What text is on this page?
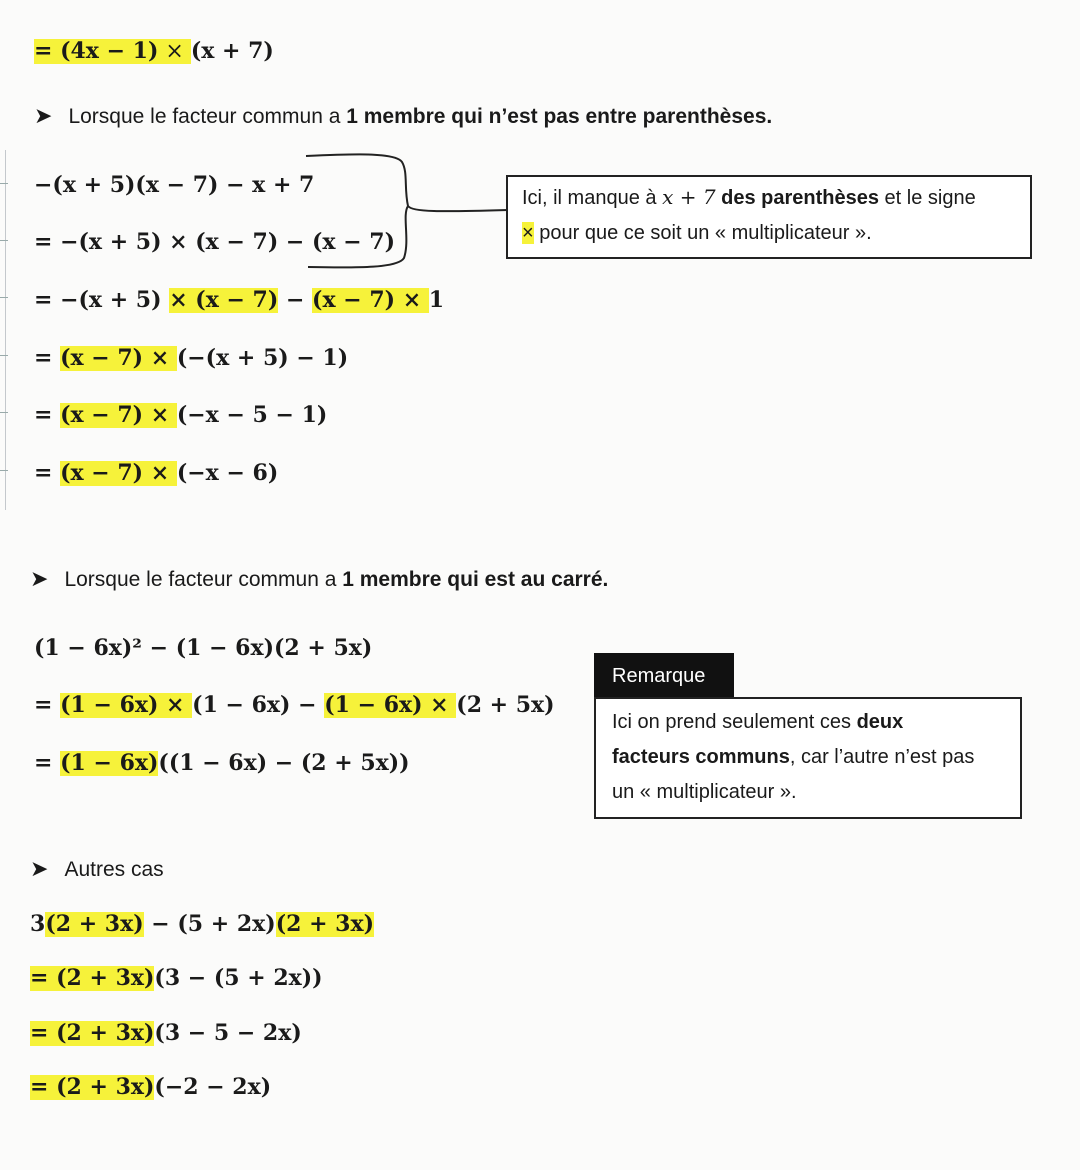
= (4x − 1) × (x + 7)
➤ Lorsque le facteur commun a 1 membre qui n’est pas entre parenthèses.
−(x + 5)(x − 7) − x + 7
= −(x + 5) × (x − 7) − (x − 7)
= −(x + 5) × (x − 7) − (x − 7) × 1
= (x − 7) × (−(x + 5) − 1)
= (x − 7) × (−x − 5 − 1)
= (x − 7) × (−x − 6)
Ici, il manque à x + 7 des parenthèses et le signe
× pour que ce soit un « multiplicateur ».
➤ Lorsque le facteur commun a 1 membre qui est au carré.
(1 − 6x)² − (1 − 6x)(2 + 5x)
= (1 − 6x) × (1 − 6x) − (1 − 6x) × (2 + 5x)
= (1 − 6x)((1 − 6x) − (2 + 5x))
Remarque
Ici on prend seulement ces deux
facteurs communs, car l’autre n’est pas
un « multiplicateur ».
➤ Autres cas
3(2 + 3x) − (5 + 2x)(2 + 3x)
= (2 + 3x)(3 − (5 + 2x))
= (2 + 3x)(3 − 5 − 2x)
= (2 + 3x)(−2 − 2x)
